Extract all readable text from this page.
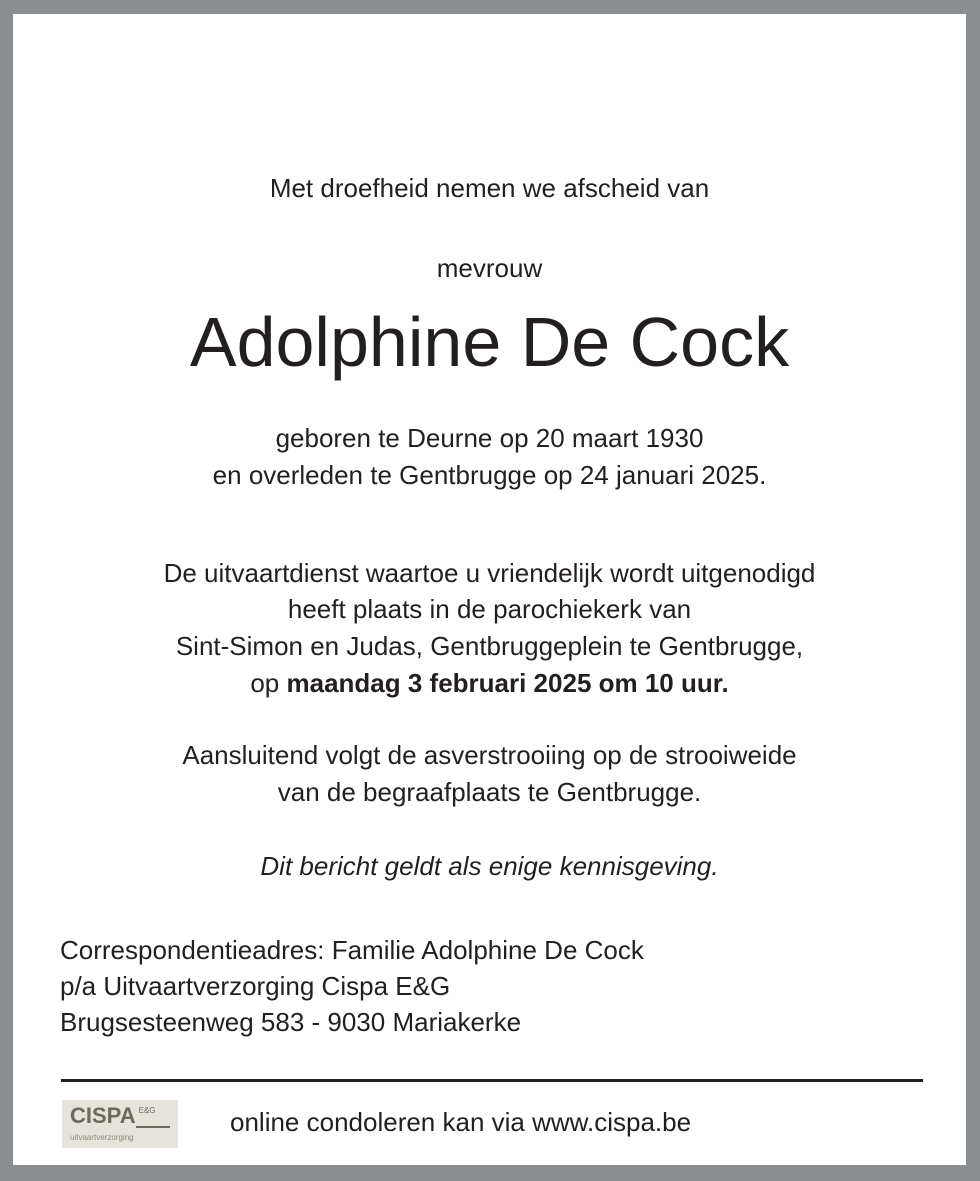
Met droefheid nemen we afscheid van
mevrouw
Adolphine De Cock
geboren te Deurne op 20 maart 1930
en overleden te Gentbrugge op 24 januari 2025.
De uitvaartdienst waartoe u vriendelijk wordt uitgenodigd
heeft plaats in de parochiekerk van
Sint-Simon en Judas, Gentbruggeplein te Gentbrugge,
op maandag 3 februari 2025 om 10 uur.
Aansluitend volgt de asverstrooiing op de strooiweide
van de begraafplaats te Gentbrugge.
Dit bericht geldt als enige kennisgeving.
Correspondentieadres: Familie Adolphine De Cock
p/a Uitvaartverzorging Cispa E&G
Brugsesteenweg 583 - 9030 Mariakerke
CISPA E&G
uitvaartverzorging
online condoleren kan via www.cispa.be
